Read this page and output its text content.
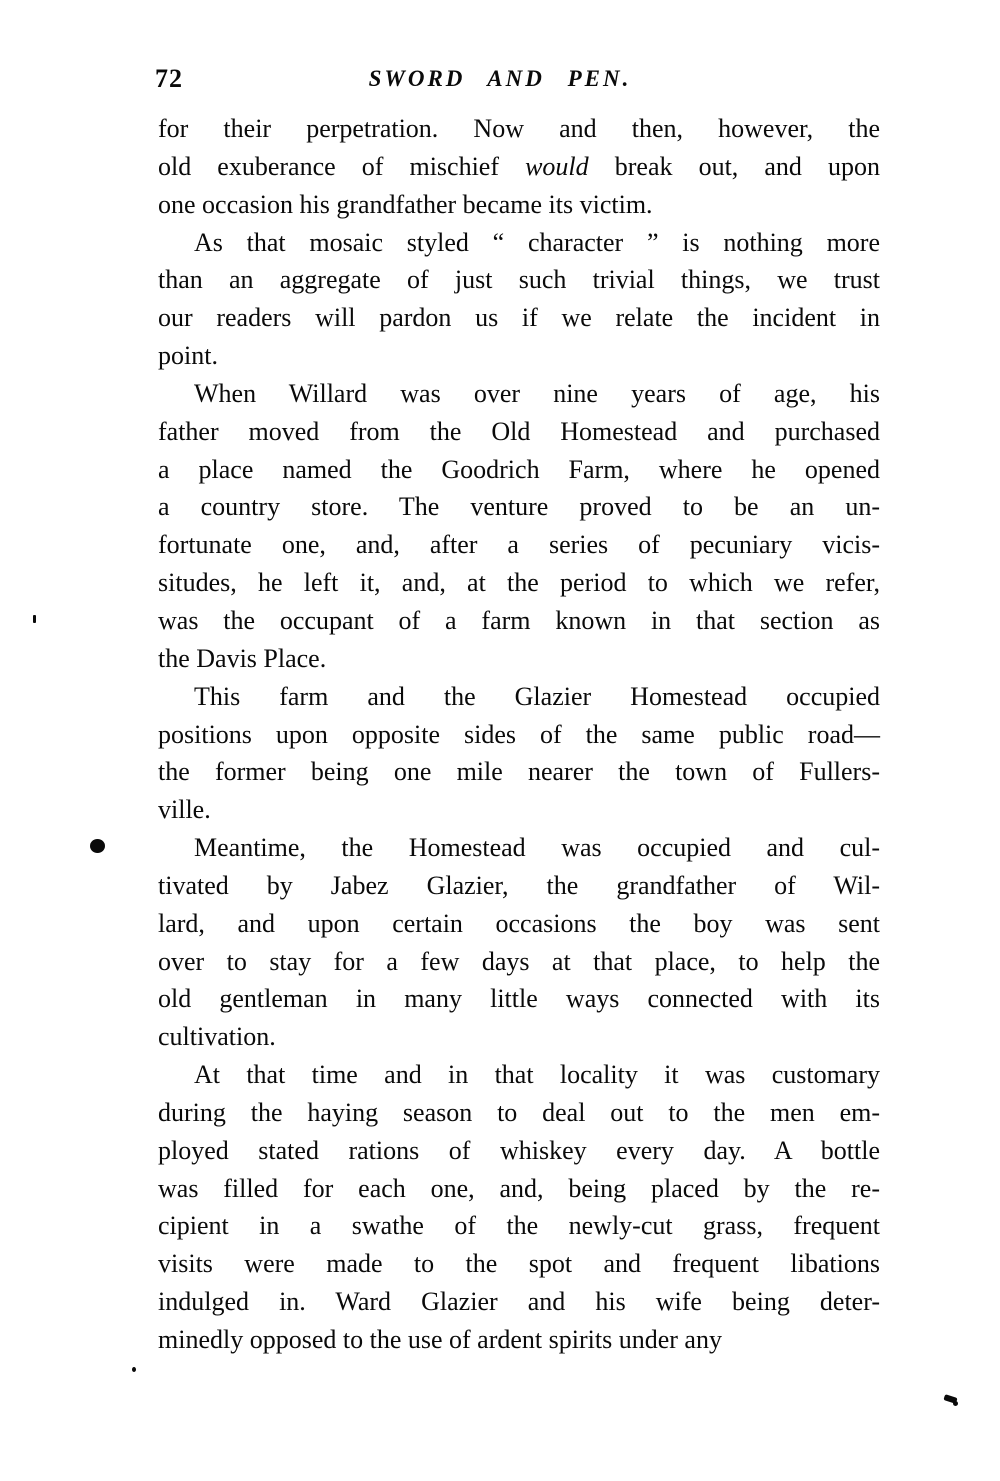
72	SWORD AND PEN.
for their perpetration. Now and then, however, the
old exuberance of mischief would break out, and upon
one occasion his grandfather became its victim.
As that mosaic styled “ character ” is nothing more
than an aggregate of just such trivial things, we trust
our readers will pardon us if we relate the incident in
point.
When Willard was over nine years of age, his
father moved from the Old Homestead and purchased
a place named the Goodrich Farm, where he opened
a country store. The venture proved to be an un-
fortunate one, and, after a series of pecuniary vicis-
situdes, he left it, and, at the period to which we refer,
was the occupant of a farm known in that section as
the Davis Place.
This farm and the Glazier Homestead occupied
positions upon opposite sides of the same public road—
the former being one mile nearer the town of Fullers-
ville.
Meantime, the Homestead was occupied and cul-
tivated by Jabez Glazier, the grandfather of Wil-
lard, and upon certain occasions the boy was sent
over to stay for a few days at that place, to help the
old gentleman in many little ways connected with its
cultivation.
At that time and in that locality it was customary
during the haying season to deal out to the men em-
ployed stated rations of whiskey every day. A bottle
was filled for each one, and, being placed by the re-
cipient in a swathe of the newly-cut grass, frequent
visits were made to the spot and frequent libations
indulged in. Ward Glazier and his wife being deter-
minedly opposed to the use of ardent spirits under any
